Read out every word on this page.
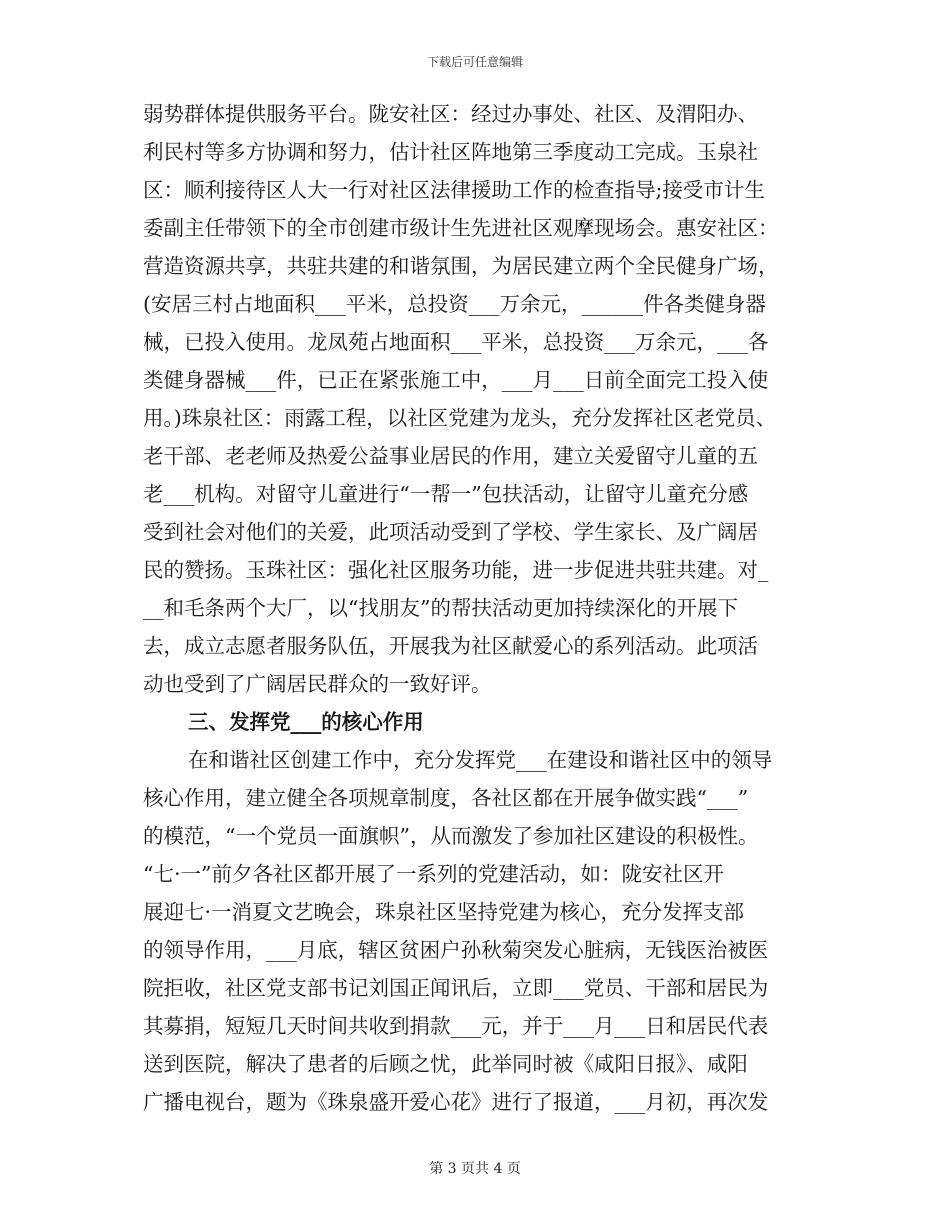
下载后可任意编辑
弱势群体提供服务平台。陇安社区：经过办事处、社区、及渭阳办、
利民村等多方协调和努力，估计社区阵地第三季度动工完成。玉泉社
区：顺利接待区人大一行对社区法律援助工作的检查指导;接受市计生
委副主任带领下的全市创建市级计生先进社区观摩现场会。惠安社区：
营造资源共享，共驻共建的和谐氛围，为居民建立两个全民健身广场，
(安居三村占地面积___平米，总投资___万余元，______件各类健身器
械，已投入使用。龙凤苑占地面积___平米，总投资___万余元，___各
类健身器械___件，已正在紧张施工中，___月___日前全面完工投入使
用。)珠泉社区：雨露工程，以社区党建为龙头，充分发挥社区老党员、
老干部、老老师及热爱公益事业居民的作用，建立关爱留守儿童的五
老___机构。对留守儿童进行“一帮一”包扶活动，让留守儿童充分感
受到社会对他们的关爱，此项活动受到了学校、学生家长、及广阔居
民的赞扬。玉珠社区：强化社区服务功能，进一步促进共驻共建。对_
__和毛条两个大厂，以“找朋友”的帮扶活动更加持续深化的开展下
去，成立志愿者服务队伍，开展我为社区献爱心的系列活动。此项活
动也受到了广阔居民群众的一致好评。
三、发挥党___的核心作用
在和谐社区创建工作中，充分发挥党___在建设和谐社区中的领导
核心作用，建立健全各项规章制度，各社区都在开展争做实践“___”
的模范，“一个党员一面旗帜”，从而激发了参加社区建设的积极性。
“七·一”前夕各社区都开展了一系列的党建活动，如：陇安社区开
展迎七·一消夏文艺晚会，珠泉社区坚持党建为核心，充分发挥支部
的领导作用，___月底，辖区贫困户孙秋菊突发心脏病，无钱医治被医
院拒收，社区党支部书记刘国正闻讯后，立即___党员、干部和居民为
其募捐，短短几天时间共收到捐款___元，并于___月___日和居民代表
送到医院，解决了患者的后顾之忧，此举同时被《咸阳日报》、咸阳
广播电视台，题为《珠泉盛开爱心花》进行了报道，___月初，再次发
第 3 页共 4 页
